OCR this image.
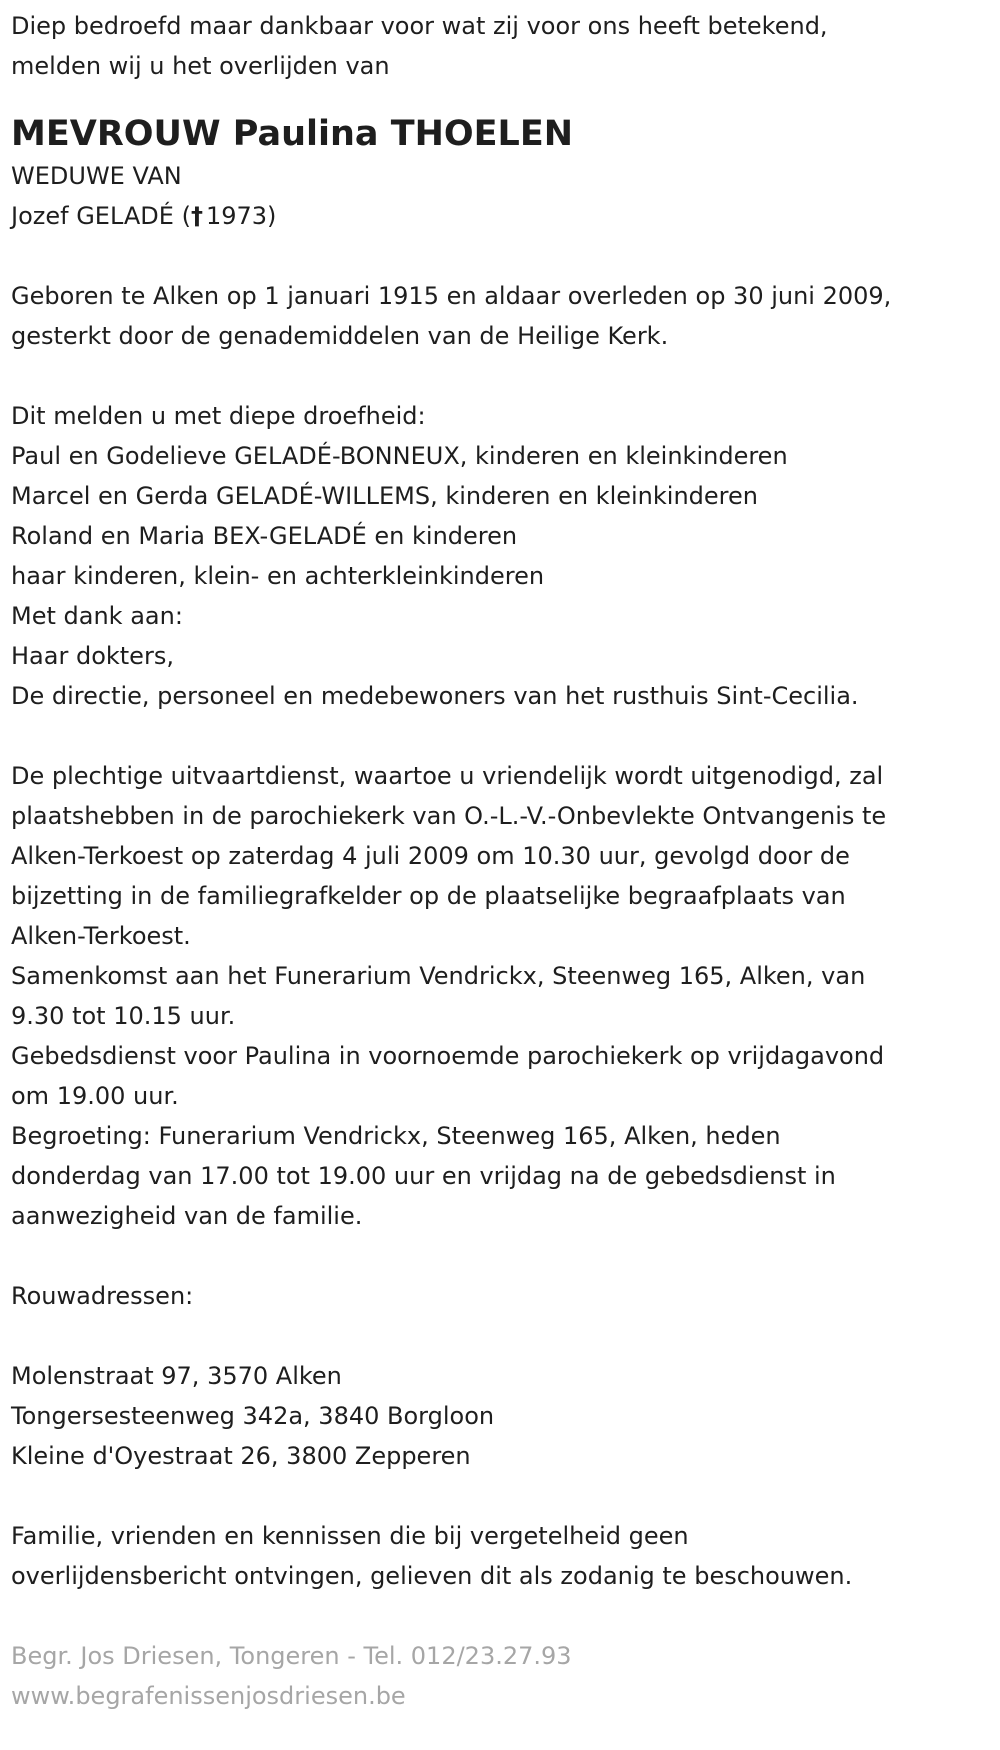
Diep bedroefd maar dankbaar voor wat zij voor ons heeft betekend,

melden wij u het overlijden van

MEVROUW Paulina THOELEN

WEDUWE VAN

Jozef GELADÉ († 1973)

Geboren te Alken op 1 januari 1915 en aldaar overleden op 30 juni 2009,

gesterkt door de genademiddelen van de Heilige Kerk.

Dit melden u met diepe droefheid:

Paul en Godelieve GELADÉ-BONNEUX, kinderen en kleinkinderen

Marcel en Gerda GELADÉ-WILLEMS, kinderen en kleinkinderen

Roland en Maria BEX-GELADÉ en kinderen

haar kinderen, klein- en achterkleinkinderen

Met dank aan:

Haar dokters,

De directie, personeel en medebewoners van het rusthuis Sint-Cecilia.

De plechtige uitvaartdienst, waartoe u vriendelijk wordt uitgenodigd, zal

plaatshebben in de parochiekerk van O.-L.-V.-Onbevlekte Ontvangenis te

Alken-Terkoest op zaterdag 4 juli 2009 om 10.30 uur, gevolgd door de

bijzetting in de familiegrafkelder op de plaatselijke begraafplaats van

Alken-Terkoest.

Samenkomst aan het Funerarium Vendrickx, Steenweg 165, Alken, van

9.30 tot 10.15 uur.

Gebedsdienst voor Paulina in voornoemde parochiekerk op vrijdagavond

om 19.00 uur.

Begroeting: Funerarium Vendrickx, Steenweg 165, Alken, heden

donderdag van 17.00 tot 19.00 uur en vrijdag na de gebedsdienst in

aanwezigheid van de familie.

Rouwadressen:

Molenstraat 97, 3570 Alken

Tongersesteenweg 342a, 3840 Borgloon

Kleine d'Oyestraat 26, 3800 Zepperen

Familie, vrienden en kennissen die bij vergetelheid geen

overlijdensbericht ontvingen, gelieven dit als zodanig te beschouwen.

Begr. Jos Driesen, Tongeren - Tel. 012/23.27.93

www.begrafenissenjosdriesen.be
